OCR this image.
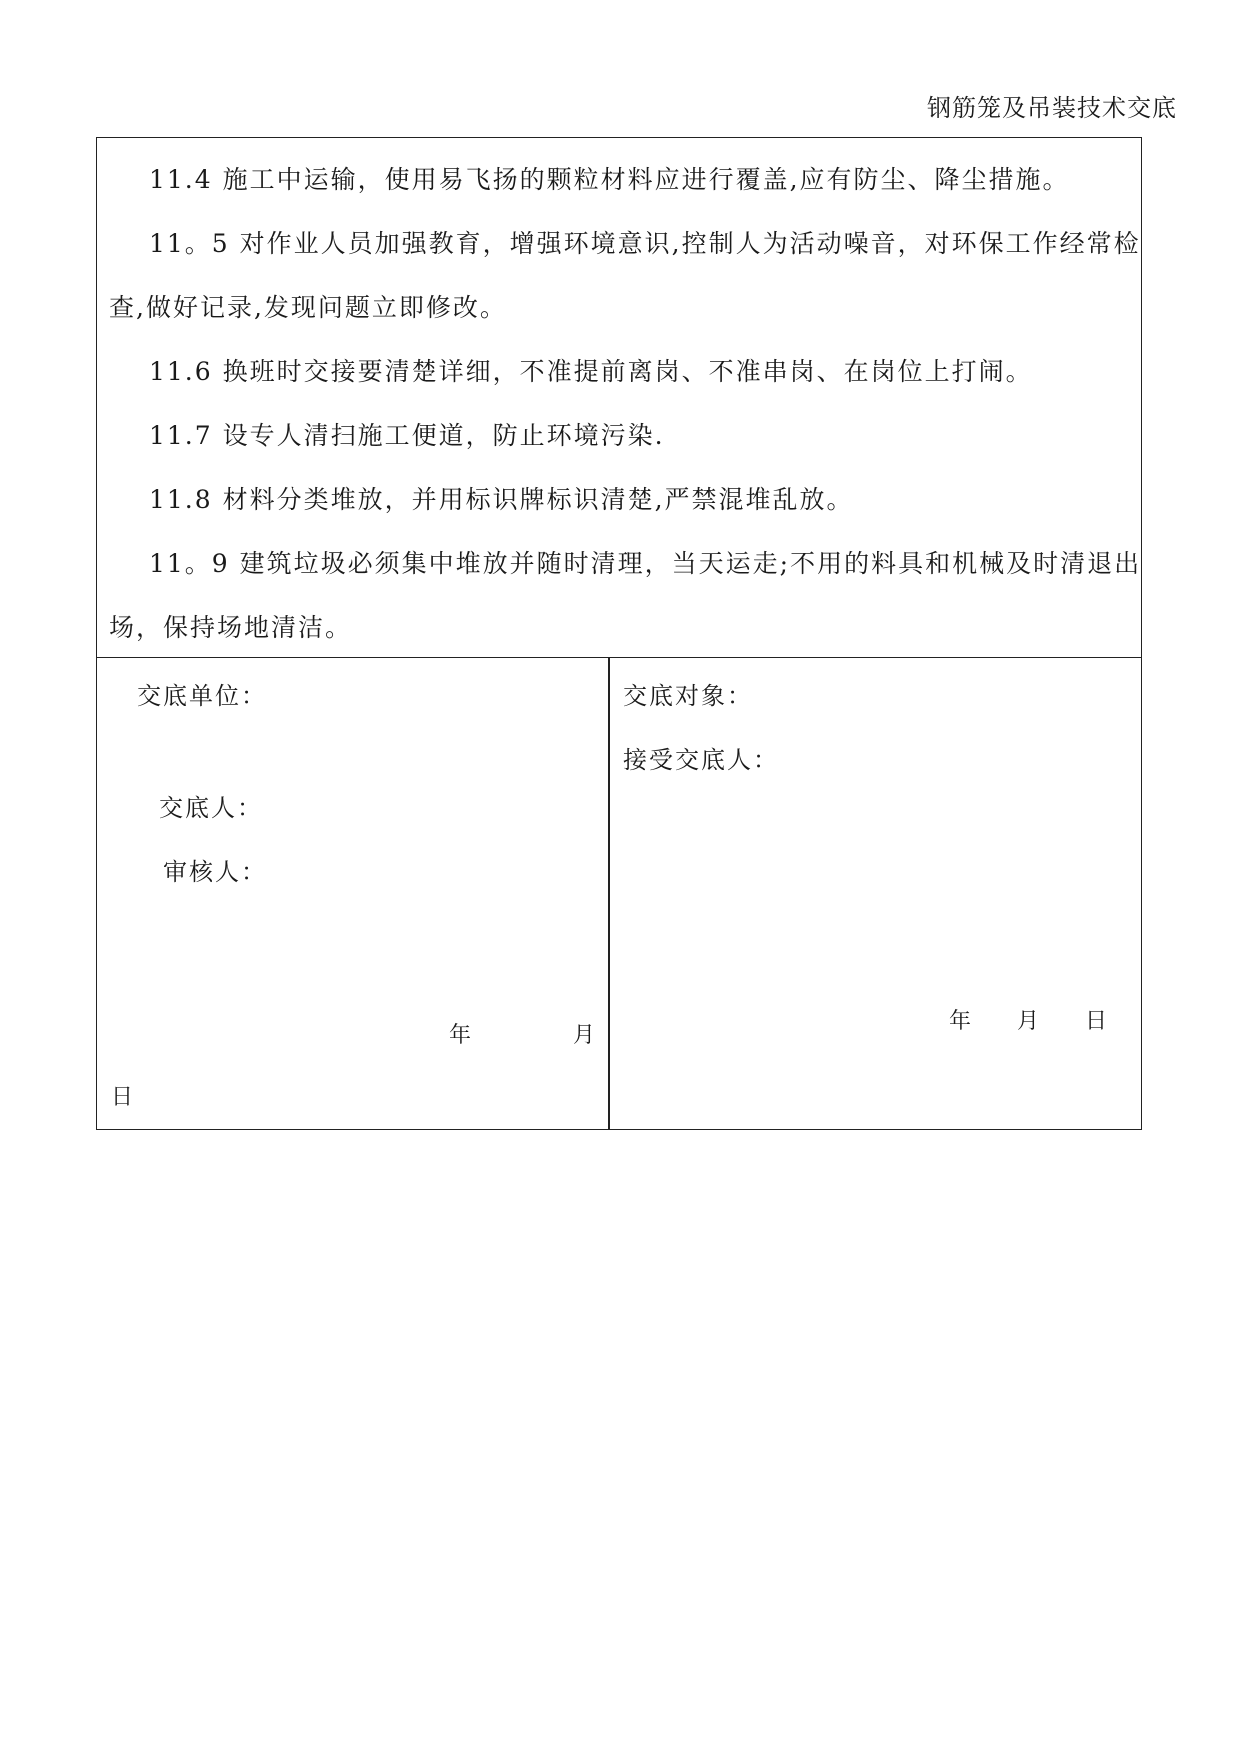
钢筋笼及吊装技术交底
11.4 施工中运输，使用易飞扬的颗粒材料应进行覆盖,应有防尘、降尘措施。
11。5 对作业人员加强教育，增强环境意识,控制人为活动噪音，对环保工作经常检
查,做好记录,发现问题立即修改。
11.6 换班时交接要清楚详细，不准提前离岗、不准串岗、在岗位上打闹。
11.7 设专人清扫施工便道，防止环境污染.
11.8 材料分类堆放，并用标识牌标识清楚,严禁混堆乱放。
11。9 建筑垃圾必须集中堆放并随时清理，当天运走;不用的料具和机械及时清退出
场，保持场地清洁。
交底单位：
交底人：
审核人：
年	月
日
交底对象：
接受交底人：
年 月 日
